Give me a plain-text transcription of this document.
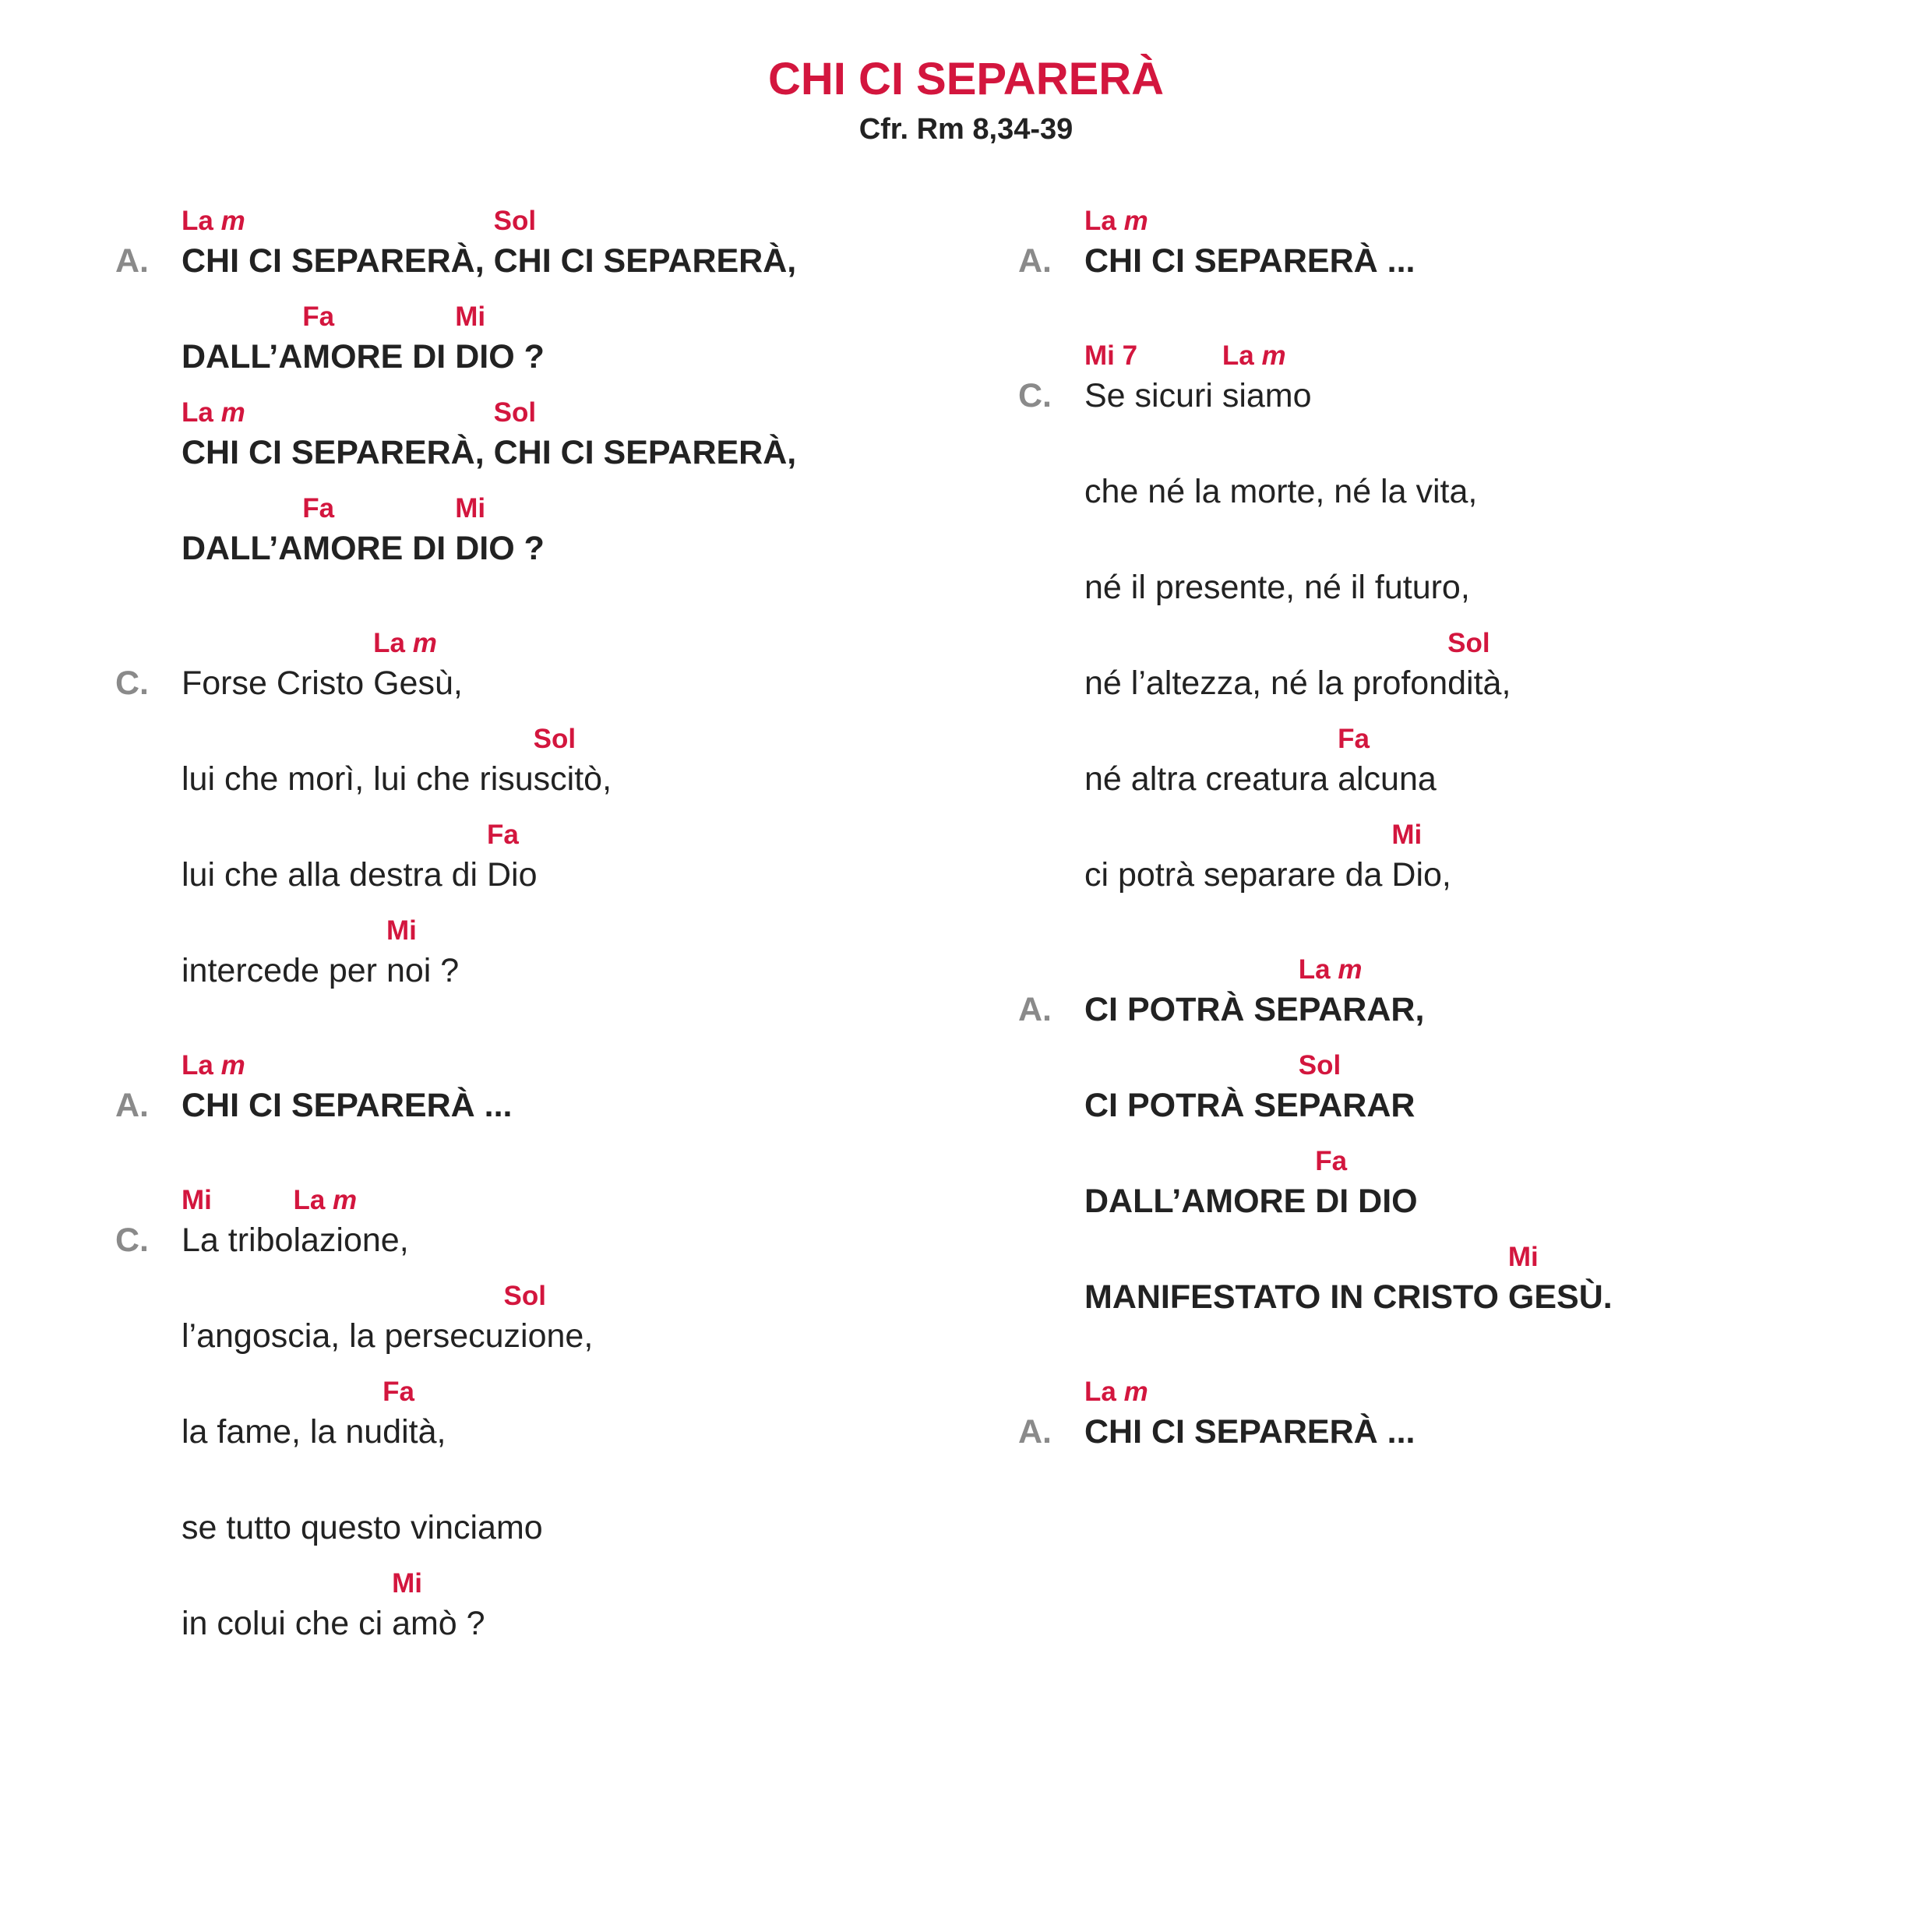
CHI CI SEPARERÀ
Cfr. Rm 8,34-39
A.
La m
CHI CI SEPARERÀ,
Sol
CHI CI SEPARERÀ,
DALL’A
Fa
MORE DI
Mi
DIO ?
La m
CHI CI SEPARERÀ,
Sol
CHI CI SEPARERÀ,
DALL’A
Fa
MORE DI
Mi
DIO ?
C. Forse Cristo
La m
Gesù,
lui che morì, lui che risu
Sol
scitò,
lui che alla destra di
Fa
Dio
intercede per
Mi
noi ?
A.
La m
CHI CI SEPARERÀ ...
C.
Mi
La tribo
La m
lazione,
l’angoscia, la persecu
Sol
zione,
la fame, la nu
Fa
dità,
se tutto questo vinciamo
in colui che ci
Mi
amò ?
A.
La m
CHI CI SEPARERÀ ...
C.
Mi 7
Se sicuri
La m
siamo
che né la morte, né la vita,
né il presente, né il futuro,
né l’altezza, né la profon
Sol
dità,
né altra creatura
Fa
alcuna
ci potrà separare da
Mi
Dio,
A. CI POTRÀ SE
La m
PARAR,
CI POTRÀ SE
Sol
PARAR
DALL’AMORE
Fa
DI DIO
MANIFESTATO IN CRISTO
Mi
GESÙ.
A.
La m
CHI CI SEPARERÀ ...
